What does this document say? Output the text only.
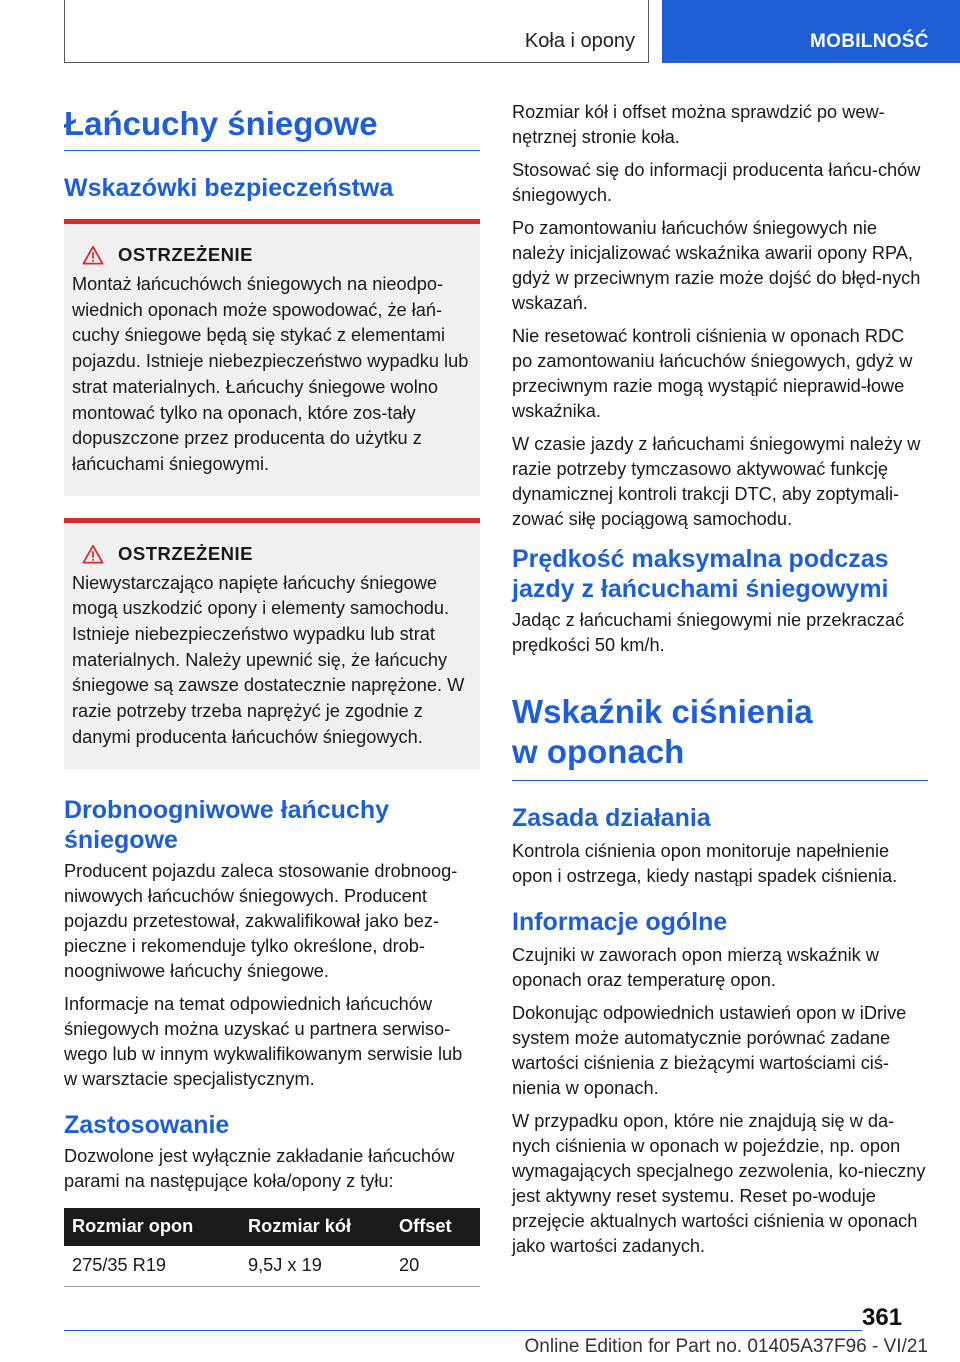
Koła i opony	MOBILNOŚĆ
Łańcuchy śniegowe
Wskazówki bezpieczeństwa
OSTRZEŻENIE

Montaż łańcuchówch śniegowych na nieodpo-wiednich oponach może spowodować, że łań-cuchy śniegowe będą się stykać z elementami pojazdu. Istnieje niebezpieczeństwo wypadku lub strat materialnych. Łańcuchy śniegowe wolno montować tylko na oponach, które zos-tały dopuszczone przez producenta do użytku z łańcuchami śniegowymi.

OSTRZEŻENIE

Niewystarczająco napięte łańcuchy śniegowe mogą uszkodzić opony i elementy samochodu. Istnieje niebezpieczeństwo wypadku lub strat materialnych. Należy upewnić się, że łańcuchy śniegowe są zawsze dostatecznie naprężone. W razie potrzeby trzeba naprężyć je zgodnie z danymi producenta łańcuchów śniegowych.

Drobnoogniwowe łańcuchy śniegowe

Producent pojazdu zaleca stosowanie drobnoog-niwowych łańcuchów śniegowych. Producent pojazdu przetestował, zakwalifikował jako bez-pieczne i rekomenduje tylko określone, drob-noogniwowe łańcuchy śniegowe.

Informacje na temat odpowiednich łańcuchów śniegowych można uzyskać u partnera serwiso-wego lub w innym wykwalifikowanym serwisie lub w warsztacie specjalistycznym.

Zastosowanie

Dozwolone jest wyłącznie zakładanie łańcuchów parami na następujące koła/opony z tyłu:

Rozmiar opon	Rozmiar kół	Offset
275/35 R19	9,5J x 19	20

Rozmiar kół i offset można sprawdzić po wew-nętrznej stronie koła.

Stosować się do informacji producenta łańcu-chów śniegowych.

Po zamontowaniu łańcuchów śniegowych nie należy inicjalizować wskaźnika awarii opony RPA, gdyż w przeciwnym razie może dojść do błęd-nych wskazań.

Nie resetować kontroli ciśnienia w oponach RDC po zamontowaniu łańcuchów śniegowych, gdyż w przeciwnym razie mogą wystąpić nieprawid-łowe wskaźnika.

W czasie jazdy z łańcuchami śniegowymi należy w razie potrzeby tymczasowo aktywować funkcję dynamicznej kontroli trakcji DTC, aby zoptymali-zować siłę pociągową samochodu.

Prędkość maksymalna podczas jazdy z łańcuchami śniegowymi

Jadąc z łańcuchami śniegowymi nie przekraczać prędkości 50 km/h.

Wskaźnik ciśnienia w oponach
Zasada działania

Kontrola ciśnienia opon monitoruje napełnienie opon i ostrzega, kiedy nastąpi spadek ciśnienia.

Informacje ogólne

Czujniki w zaworach opon mierzą wskaźnik w oponach oraz temperaturę opon.

Dokonując odpowiednich ustawień opon w iDrive system może automatycznie porównać zadane wartości ciśnienia z bieżącymi wartościami ciś-nienia w oponach.

W przypadku opon, które nie znajdują się w da-nych ciśnienia w oponach w pojeździe, np. opon wymagających specjalnego zezwolenia, ko-nieczny jest aktywny reset systemu. Reset po-woduje przejęcie aktualnych wartości ciśnienia w oponach jako wartości zadanych.

361
Online Edition for Part no. 01405A37F96 - VI/21
